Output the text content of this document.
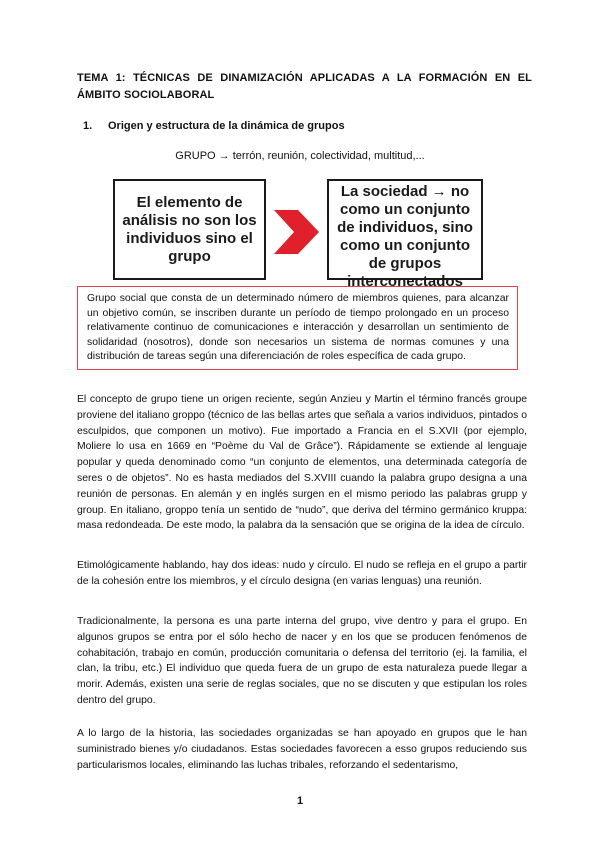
TEMA 1: TÉCNICAS DE DINAMIZACIÓN APLICADAS A LA FORMACIÓN EN EL ÁMBITO SOCIOLABORAL
1. Origen y estructura de la dinámica de grupos
GRUPO → terrón, reunión, colectividad, multitud,...
El elemento de análisis no son los individuos sino el grupo
La sociedad → no como un conjunto de individuos, sino como un conjunto de grupos interconectados
Grupo social que consta de un determinado número de miembros quienes, para alcanzar un objetivo común, se inscriben durante un período de tiempo prolongado en un proceso relativamente continuo de comunicaciones e interacción y desarrollan un sentimiento de solidaridad (nosotros), donde son necesarios un sistema de normas comunes y una distribución de tareas según una diferenciación de roles específica de cada grupo.

El concepto de grupo tiene un origen reciente, según Anzieu y Martin el término francés groupe proviene del italiano groppo (técnico de las bellas artes que señala a varios individuos, pintados o esculpidos, que componen un motivo). Fue importado a Francia en el S.XVII (por ejemplo, Moliere lo usa en 1669 en “Poème du Val de Grâce”). Rápidamente se extiende al lenguaje popular y queda denominado como “un conjunto de elementos, una determinada categoría de seres o de objetos”. No es hasta mediados del S.XVIII cuando la palabra grupo designa a una reunión de personas. En alemán y en inglés surgen en el mismo periodo las palabras grupp y group. En italiano, groppo tenía un sentido de “nudo”, que deriva del término germánico kruppa: masa redondeada. De este modo, la palabra da la sensación que se origina de la idea de círculo.

Etimológicamente hablando, hay dos ideas: nudo y círculo. El nudo se refleja en el grupo a partir de la cohesión entre los miembros, y el círculo designa (en varias lenguas) una reunión.

Tradicionalmente, la persona es una parte interna del grupo, vive dentro y para el grupo. En algunos grupos se entra por el sólo hecho de nacer y en los que se producen fenómenos de cohabitación, trabajo en común, producción comunitaria o defensa del territorio (ej. la familia, el clan, la tribu, etc.) El individuo que queda fuera de un grupo de esta naturaleza puede llegar a morir. Además, existen una serie de reglas sociales, que no se discuten y que estipulan los roles dentro del grupo.

A lo largo de la historia, las sociedades organizadas se han apoyado en grupos que le han suministrado bienes y/o ciudadanos. Estas sociedades favorecen a esso grupos reduciendo sus particularismos locales, eliminando las luchas tribales, reforzando el sedentarismo,

1
